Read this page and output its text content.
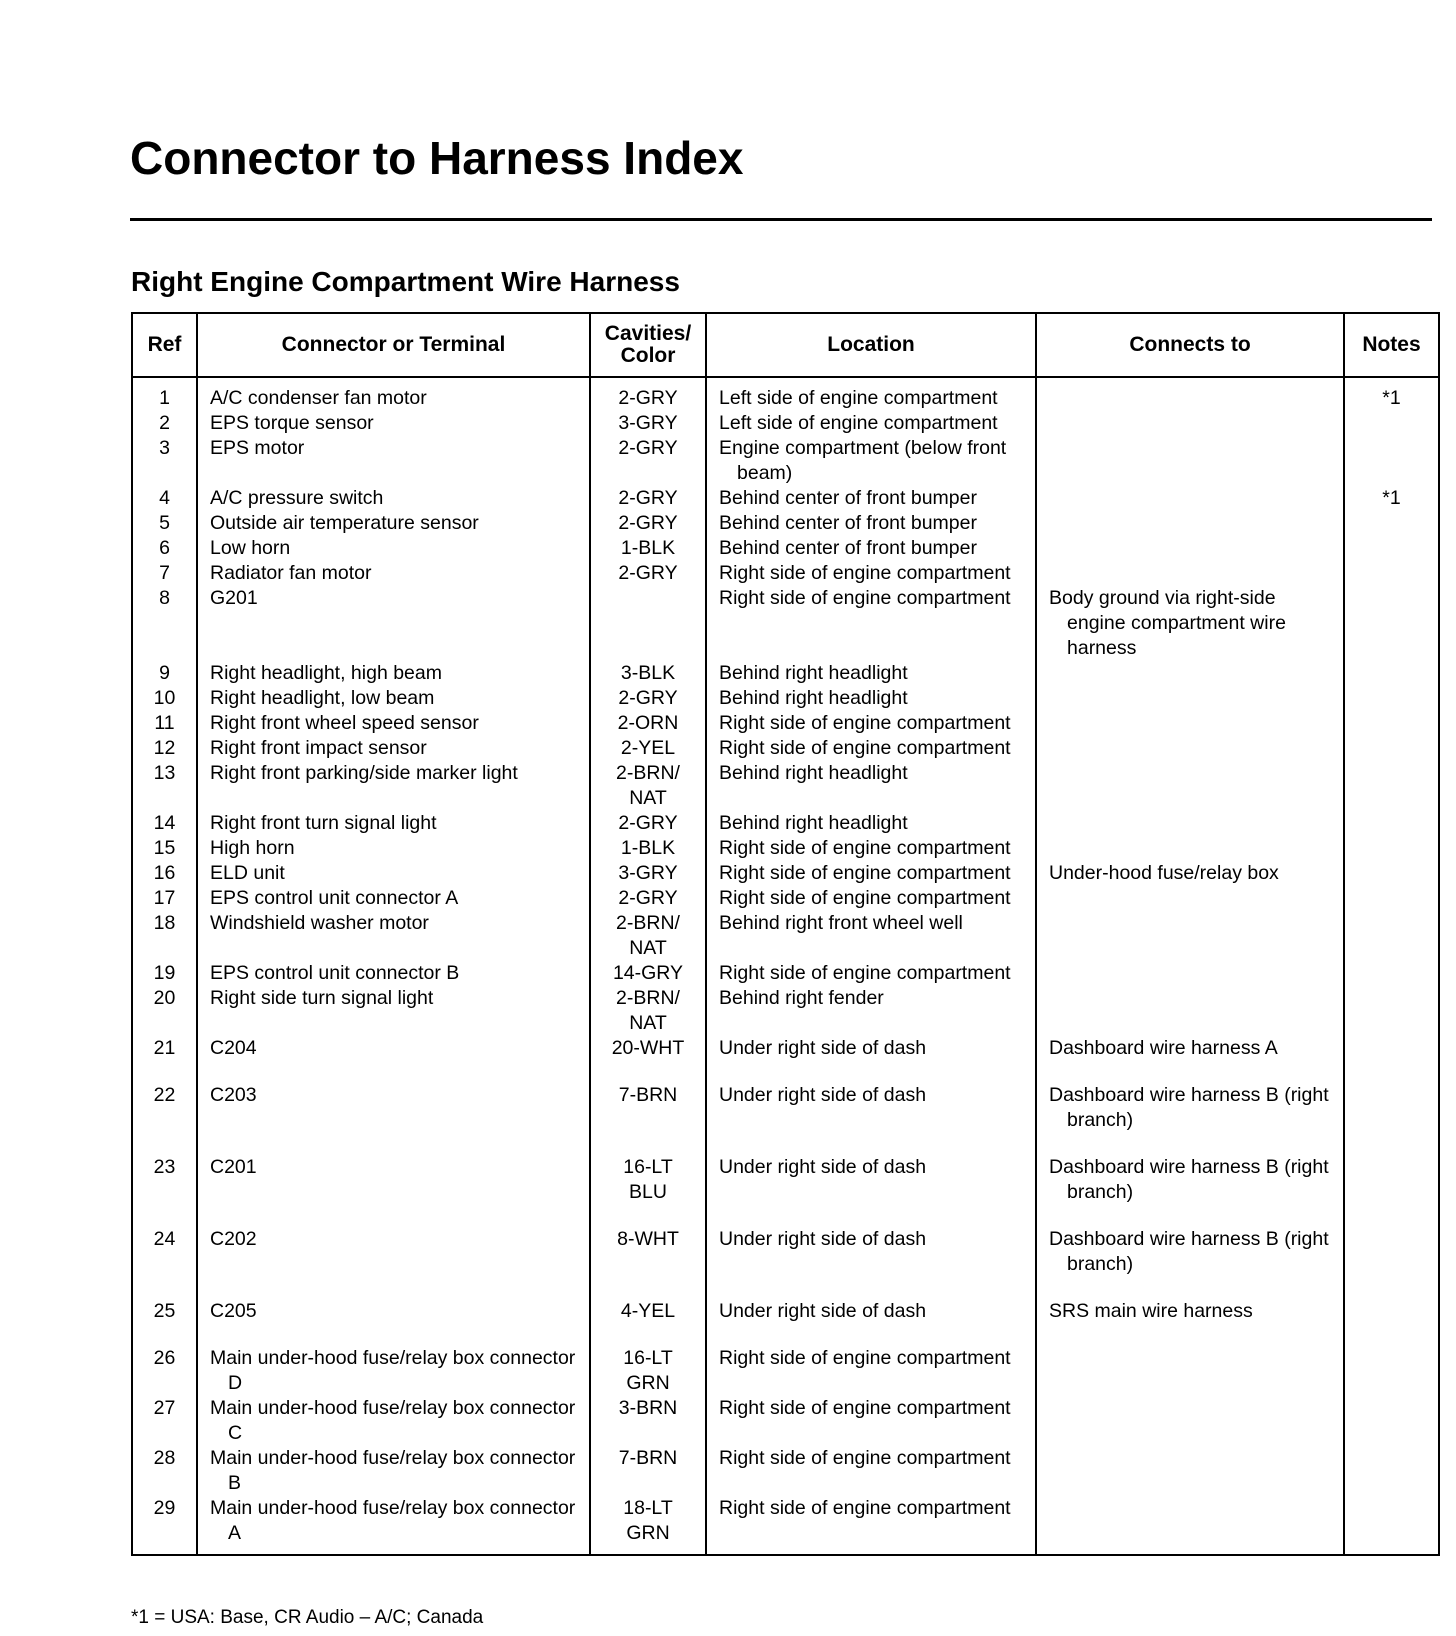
Connector to Harness Index
Right Engine Compartment Wire Harness
Ref	Connector or Terminal	Cavities/
Color	Location	Connects to	Notes
1	A/C condenser fan motor	2-GRY	Left side of engine compartment		*1
2	EPS torque sensor	3-GRY	Left side of engine compartment		

3	EPS motor	2-GRY	Engine compartment (below front beam)		

4	A/C pressure switch	2-GRY	Behind center of front bumper		*1
5	Outside air temperature sensor	2-GRY	Behind center of front bumper		

6	Low horn	1-BLK	Behind center of front bumper		

7	Radiator fan motor	2-GRY	Right side of engine compartment		

8	G201		Right side of engine compartment	Body ground via right-side engine compartment wire harness	

9	Right headlight, high beam	3-BLK	Behind right headlight		

10	Right headlight, low beam	2-GRY	Behind right headlight		

11	Right front wheel speed sensor	2-ORN	Right side of engine compartment		

12	Right front impact sensor	2-YEL	Right side of engine compartment		

13	Right front parking/side marker light	2-BRN/
NAT	Behind right headlight		

14	Right front turn signal light	2-GRY	Behind right headlight		

15	High horn	1-BLK	Right side of engine compartment		

16	ELD unit	3-GRY	Right side of engine compartment	Under-hood fuse/relay box	

17	EPS control unit connector A	2-GRY	Right side of engine compartment		

18	Windshield washer motor	2-BRN/
NAT	Behind right front wheel well		

19	EPS control unit connector B	14-GRY	Right side of engine compartment		

20	Right side turn signal light	2-BRN/
NAT	Behind right fender		

21	C204	20-WHT	Under right side of dash	Dashboard wire harness A	

22	C203	7-BRN	Under right side of dash	Dashboard wire harness B (right branch)	

23	C201	16-LT
BLU	Under right side of dash	Dashboard wire harness B (right branch)	

24	C202	8-WHT	Under right side of dash	Dashboard wire harness B (right branch)	

25	C205	4-YEL	Under right side of dash	SRS main wire harness	

26	Main under-hood fuse/relay box connector D	16-LT
GRN	Right side of engine compartment		

27	Main under-hood fuse/relay box connector C	3-BRN	Right side of engine compartment		

28	Main under-hood fuse/relay box connector B	7-BRN	Right side of engine compartment		

29	Main under-hood fuse/relay box connector A	18-LT
GRN	Right side of engine compartment		

*1 = USA: Base, CR Audio – A/C; Canada
